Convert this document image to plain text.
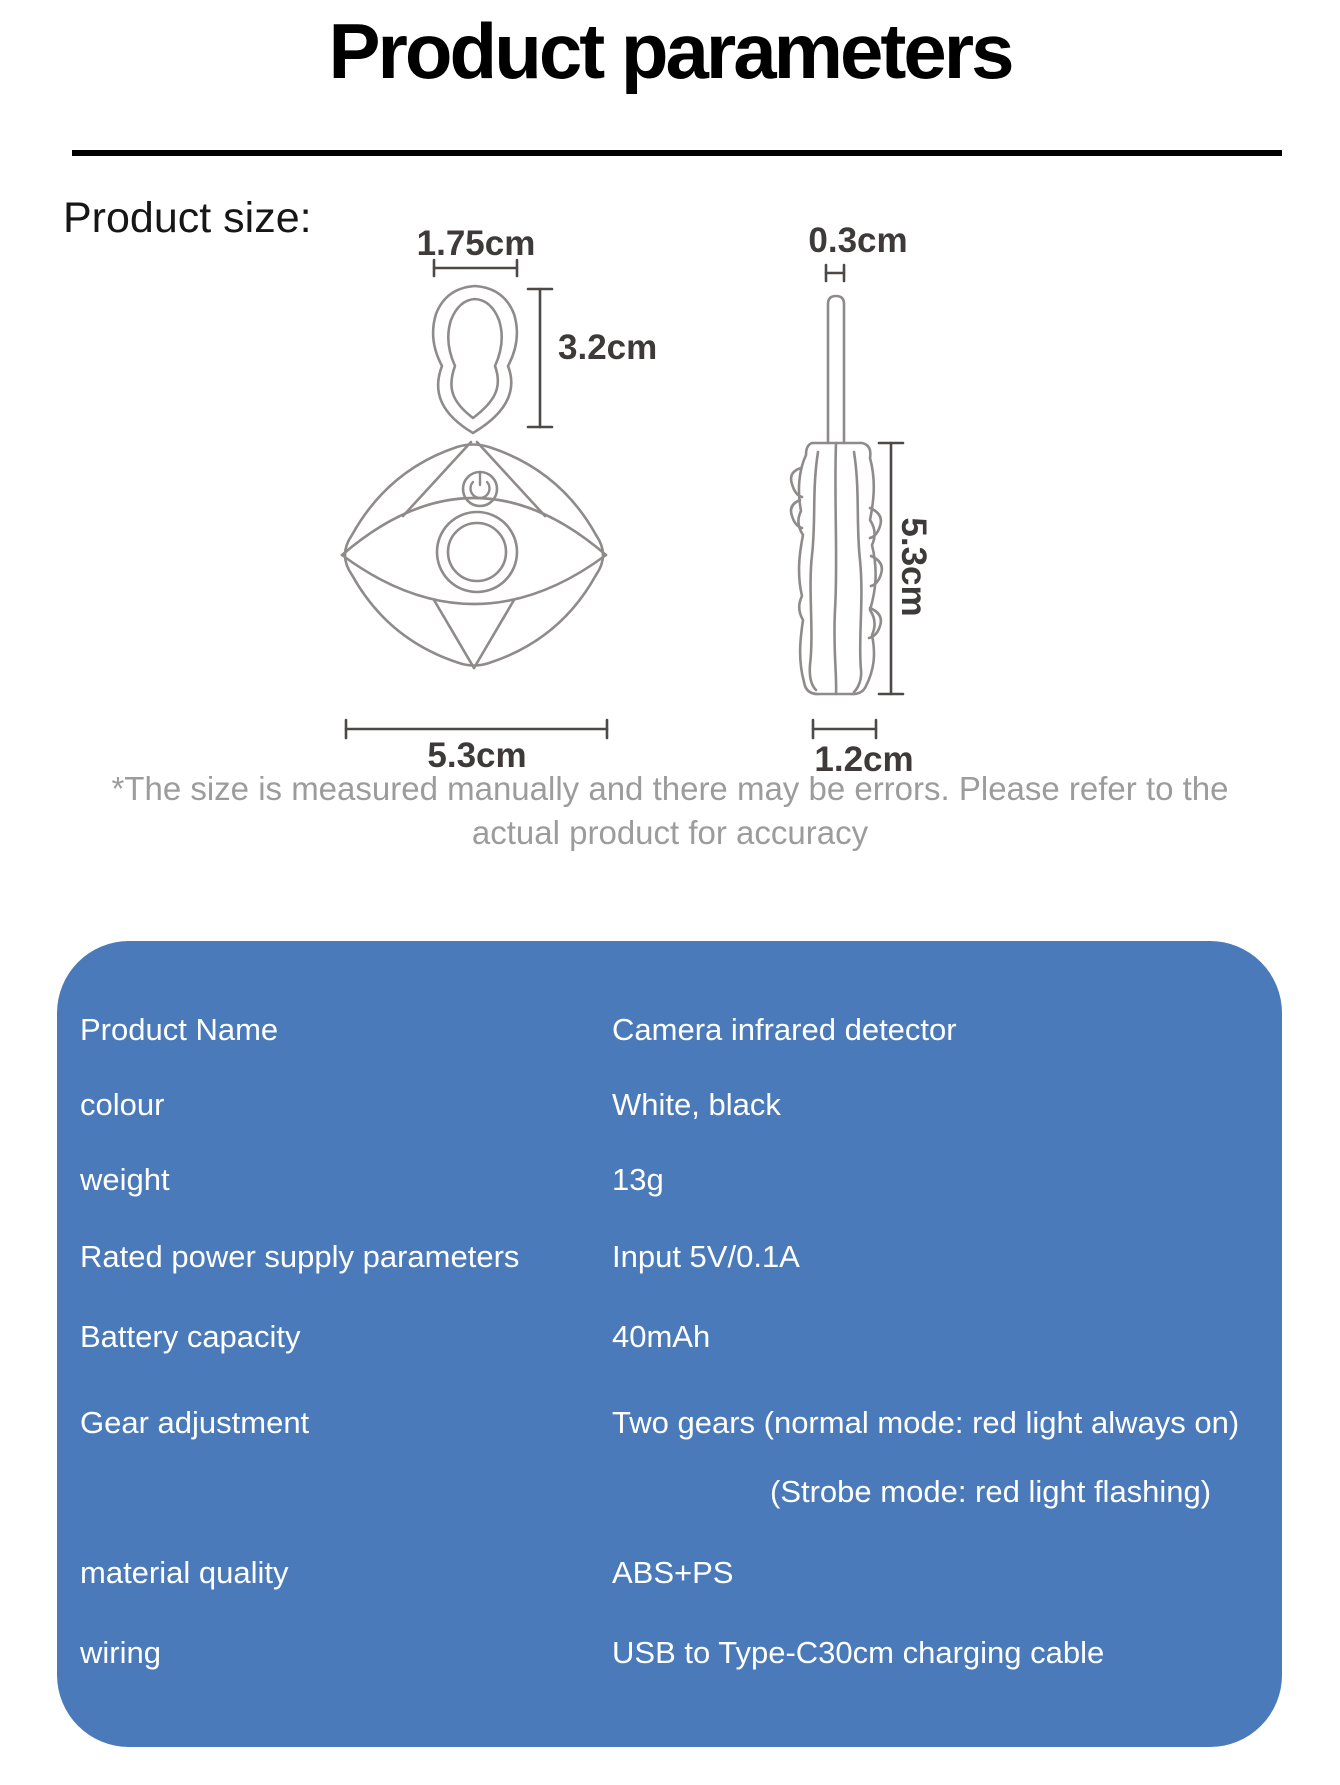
Product parameters
Product size:
1.75cm
3.2cm
5.3cm
0.3cm
5.3cm
1.2cm
*The size is measured manually and there may be errors. Please refer to the
actual product for accuracy
Product Name	Camera infrared detector
colour	White, black
weight	13g
Rated power supply parameters	Input 5V/0.1A
Battery capacity	40mAh
Gear adjustment	Two gears (normal mode: red light always on)
(Strobe mode: red light flashing)
material quality	ABS+PS
wiring	USB to Type-C30cm charging cable
